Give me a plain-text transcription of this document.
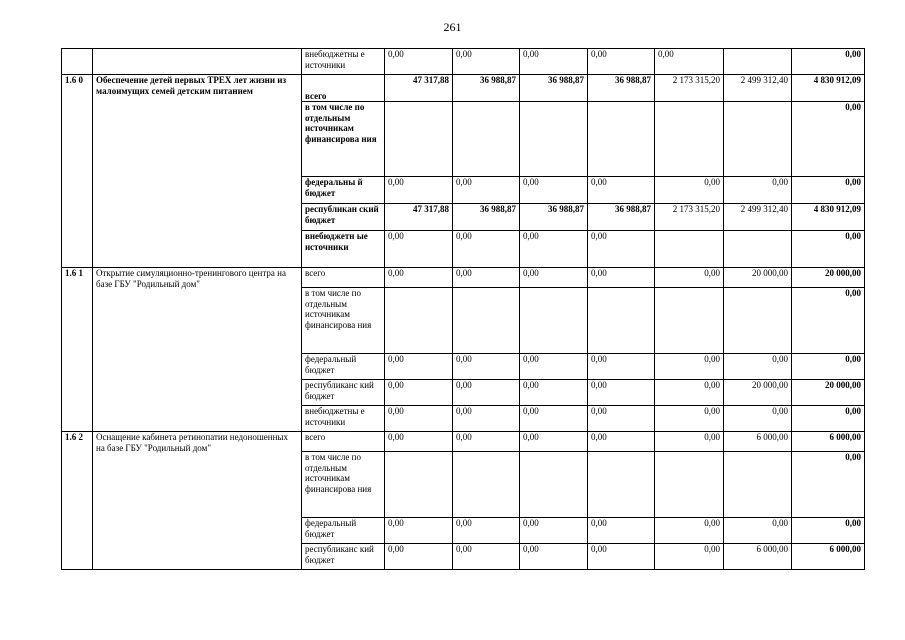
261
		внебюджетны е источники	0,00	0,00	0,00	0,00	0,00		0,00
1.6 0	Обеспечение детей первых ТРЕХ лет жизни из малоимущих семей детским питанием	всего	47 317,88	36 988,87	36 988,87	36 988,87	2 173 315,20	2 499 312,40	4 830 912,09
		в том числе по отдельным источникам финансирова ния							0,00
		федеральны й бюджет	0,00	0,00	0,00	0,00	0,00	0,00	0,00
		республикан ский бюджет	47 317,88	36 988,87	36 988,87	36 988,87	2 173 315,20	2 499 312,40	4 830 912,09
		внебюджетн ые источники	0,00	0,00	0,00	0,00			0,00
1.6 1	Открытие симуляционно-тренингового центра на базе ГБУ "Родильный дом"	всего	0,00	0,00	0,00	0,00	0,00	20 000,00	20 000,00
		в том числе по отдельным источникам финансирова ния							0,00
		федеральный бюджет	0,00	0,00	0,00	0,00	0,00	0,00	0,00
		республиканс кий бюджет	0,00	0,00	0,00	0,00	0,00	20 000,00	20 000,00
		внебюджетны е источники	0,00	0,00	0,00	0,00	0,00	0,00	0,00
1.6 2	Оснащение кабинета ретинопатии недоношенных на базе ГБУ "Родильный дом"	всего	0,00	0,00	0,00	0,00	0,00	6 000,00	6 000,00
		в том числе по отдельным источникам финансирова ния							0,00
		федеральный бюджет	0,00	0,00	0,00	0,00	0,00	0,00	0,00
		республиканс кий бюджет	0,00	0,00	0,00	0,00	0,00	6 000,00	6 000,00
